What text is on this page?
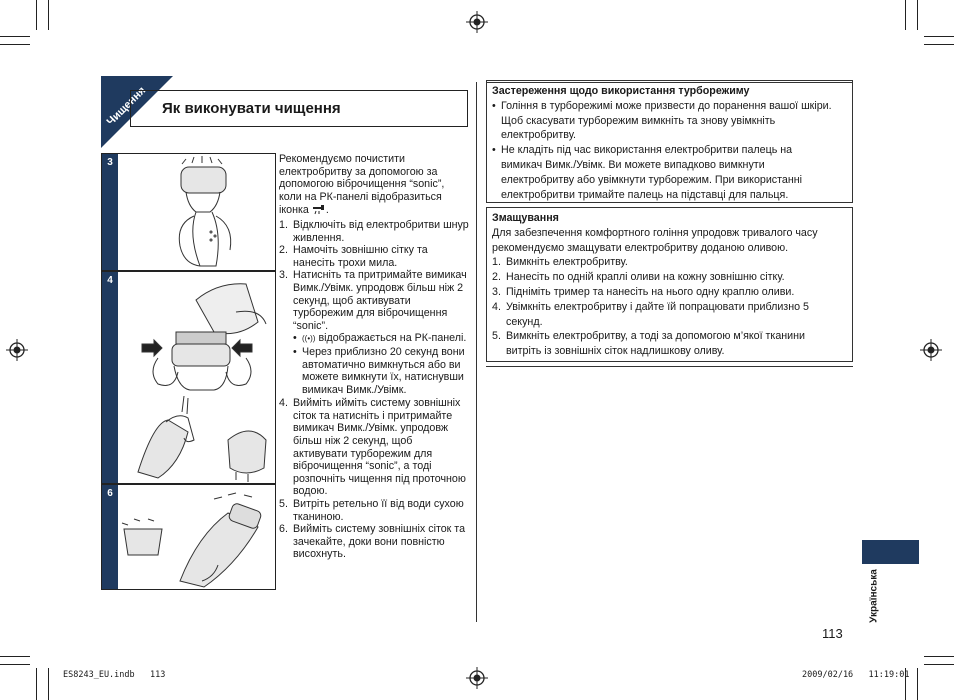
Чищення Як виконувати чищення
3
4
6
Рекомендуємо почистити електробритву за допомогою за допомогою віброчищення “sonic”, коли на РК-панелі відобразиться іконка .
1. Відключіть від електробритви шнур живлення.
2. Намочіть зовнішню сітку та нанесіть трохи мила.
3. Натисніть та притримайте вимикач Вимк./Увімк. упродовж більш ніж 2 секунд, щоб активувати турборежим для віброчищення “sonic”.
• ((•)) відображається на РК-панелі.
• Через приблизно 20 секунд вони автоматично вимкнуться або ви можете вимкнути їх, натиснувши вимикач Вимк./Увімк.
4. Вийміть ийміть систему зовнішніх сіток та натисніть і притримайте вимикач Вимк./Увімк. упродовж більш ніж 2 секунд, щоб активувати турборежим для віброчищення “sonic”, а тоді розпочніть чищення під проточною водою.
5. Витріть ретельно її від води сухою тканиною.
6. Вийміть систему зовнішніх сіток та зачекайте, доки вони повністю висохнуть.
Застереження щодо використання турборежиму
• Гоління в турборежимі може призвести до поранення вашої шкіри.
Щоб скасувати турборежим вимкніть та знову увімкніть
електробритву.
• Не кладіть під час використання електробритви палець на
вимикач Вимк./Увімк. Ви можете випадково вимкнути
електробритву або увімкнути турборежим. При використанні
електробритви тримайте палець на підставці для пальця.
Змащування
Для забезпечення комфортного гоління упродовж тривалого часу
рекомендуємо змащувати електробритву доданою оливою.
1. Вимкніть електробритву.
2. Нанесіть по одній краплі оливи на кожну зовнішню сітку.
3. Підніміть тример та нанесіть на нього одну краплю оливи.
4. Увімкніть електробритву і дайте їй попрацювати приблизно 5
секунд.
5. Вимкніть електробритву, а тоді за допомогою м’якої тканини
витріть із зовнішніх сіток надлишкову оливу.
Українська
113
ES8243_EU.indb   113	2009/02/16   11:19:01
